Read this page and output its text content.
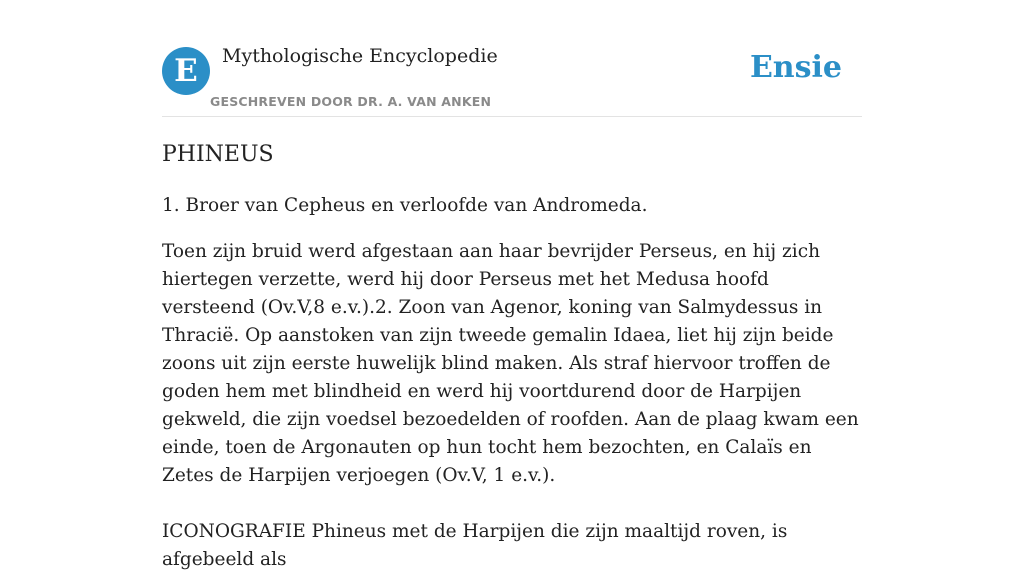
E	Mythologische Encyclopedie
GESCHREVEN DOOR DR. A. VAN ANKEN
Ensie
PHINEUS

1. Broer van Cepheus en verloofde van Andromeda.

Toen zijn bruid werd afgestaan aan haar bevrijder Perseus, en hij zich hiertegen verzette, werd hij door Perseus met het Medusa hoofd versteend (Ov.V,8 e.v.).2. Zoon van Agenor, koning van Salmydessus in Thracië. Op aanstoken van zijn tweede gemalin Idaea, liet hij zijn beide zoons uit zijn eerste huwelijk blind maken. Als straf hiervoor troffen de goden hem met blindheid en werd hij voortdurend door de Harpijen gekweld, die zijn voedsel bezoedelden of roofden. Aan de plaag kwam een einde, toen de Argonauten op hun tocht hem bezochten, en Calaïs en Zetes de Harpijen verjoegen (Ov.V, 1 e.v.).

ICONOGRAFIE Phineus met de Harpijen die zijn maaltijd roven, is afgebeeld als
